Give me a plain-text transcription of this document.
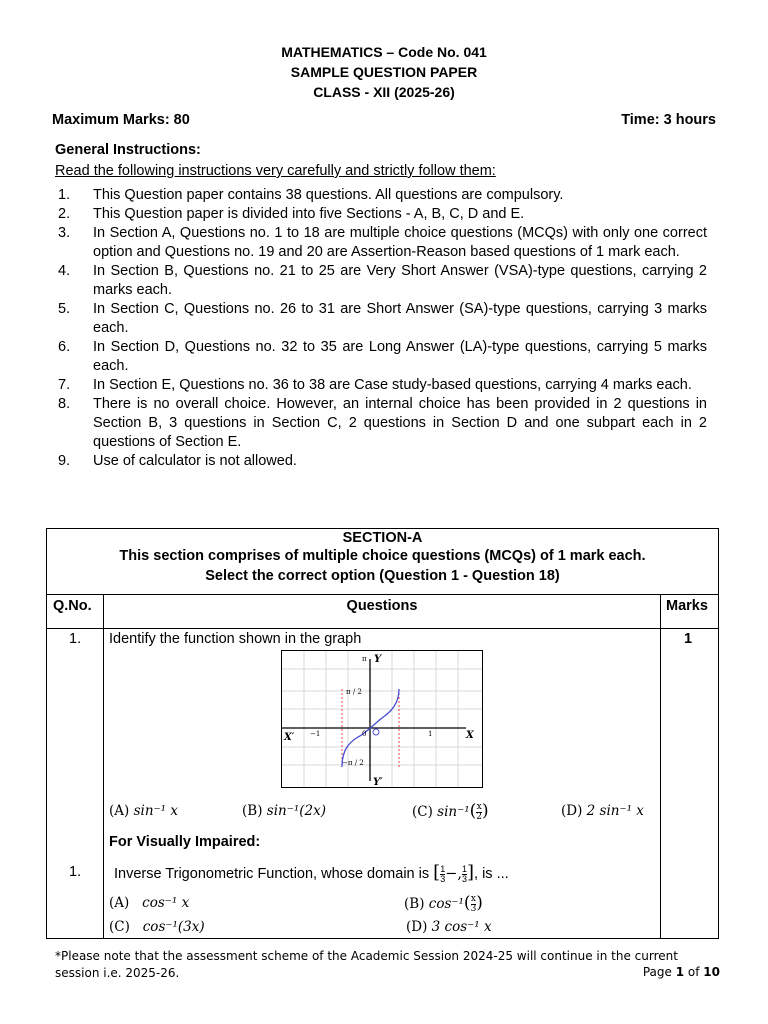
MATHEMATICS – Code No. 041
SAMPLE QUESTION PAPER
CLASS - XII (2025-26)
Maximum Marks: 80	Time: 3 hours
General Instructions:
Read the following instructions very carefully and strictly follow them:
1. This Question paper contains 38 questions. All questions are compulsory.
2. This Question paper is divided into five Sections - A, B, C, D and E.
3. In Section A, Questions no. 1 to 18 are multiple choice questions (MCQs) with only one correct option and Questions no. 19 and 20 are Assertion-Reason based questions of 1 mark each.
4. In Section B, Questions no. 21 to 25 are Very Short Answer (VSA)-type questions, carrying 2 marks each.
5. In Section C, Questions no. 26 to 31 are Short Answer (SA)-type questions, carrying 3 marks each.
6. In Section D, Questions no. 32 to 35 are Long Answer (LA)-type questions, carrying 5 marks each.
7. In Section E, Questions no. 36 to 38 are Case study-based questions, carrying 4 marks each.
8. There is no overall choice. However, an internal choice has been provided in 2 questions in Section B, 3 questions in Section C, 2 questions in Section D and one subpart each in 2 questions of Section E.
9. Use of calculator is not allowed.
SECTION-A
This section comprises of multiple choice questions (MCQs) of 1 mark each.
Select the correct option (Question 1 - Question 18)
Q.No.	Questions	Marks
1. Identify the function shown in the graph	1
π Y
π / 2
X′ −1	0	1	X
−π / 2
Y′
(A) sin⁻¹ x	(B) sin⁻¹(2x)	(C) $\sin^{-1}( \frac{x}{2})$	(D) 2 sin⁻¹ x
For Visually Impaired:
1. Inverse Trigonometric Function, whose domain is [ $\frac{1}{3}-$, $\frac{1}{3}$], is ...
(A) cos⁻¹ x	(B) $\cos^{-1}( \frac{x}{3})$
(C) cos⁻¹(3x)	(D) 3 cos⁻¹ x
*Please note that the assessment scheme of the Academic Session 2024-25 will continue in the current session i.e. 2025-26.	Page 1 of 10
